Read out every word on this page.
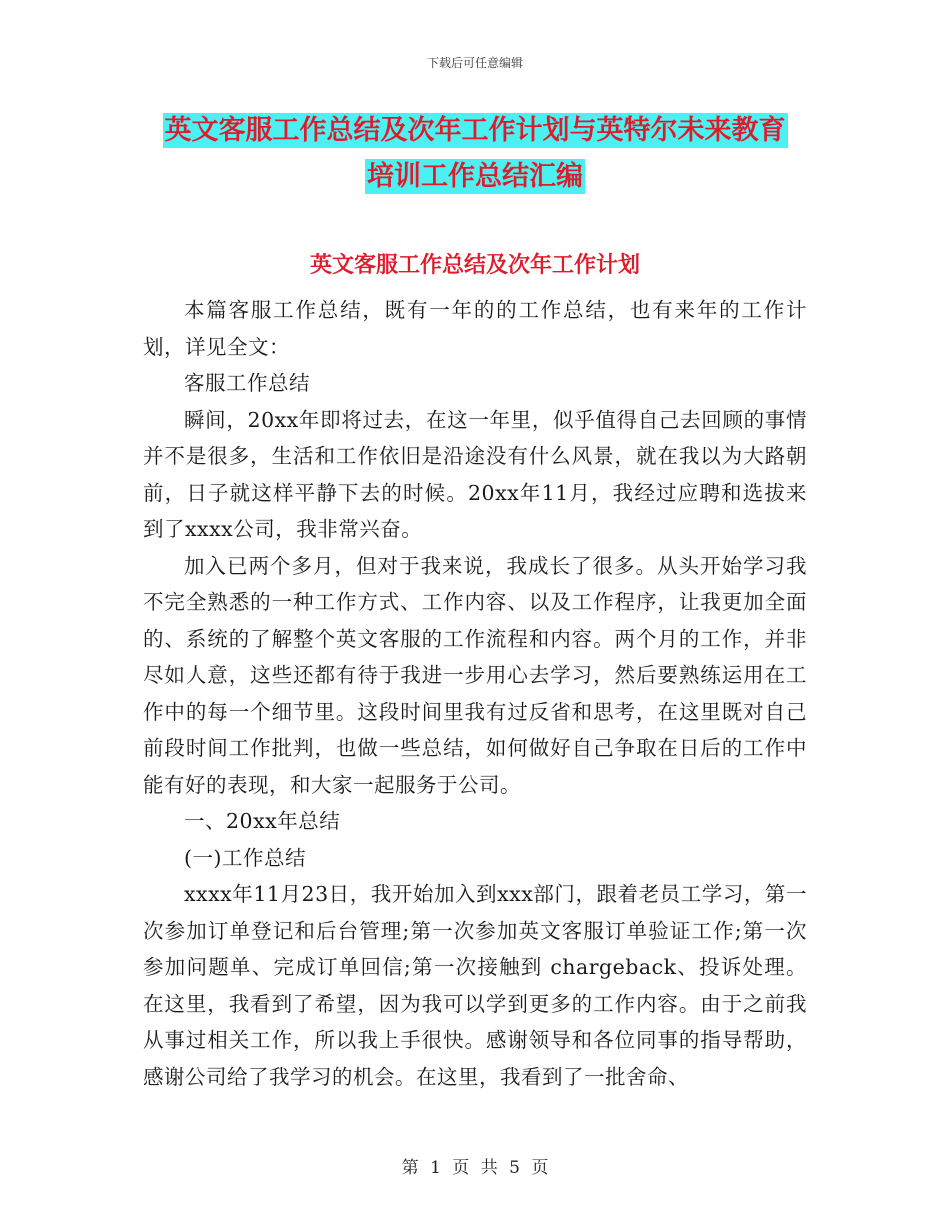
下载后可任意编辑
英文客服工作总结及次年工作计划与英特尔未来教育
培训工作总结汇编
英文客服工作总结及次年工作计划

本篇客服工作总结，既有一年的的工作总结，也有来年的工作计划，详见全文：

客服工作总结

瞬间，20xx年即将过去，在这一年里，似乎值得自己去回顾的事情并不是很多，生活和工作依旧是沿途没有什么风景，就在我以为大路朝前，日子就这样平静下去的时候。20xx年11月，我经过应聘和选拔来到了xxxx公司，我非常兴奋。

加入已两个多月，但对于我来说，我成长了很多。从头开始学习我不完全熟悉的一种工作方式、工作内容、以及工作程序，让我更加全面的、系统的了解整个英文客服的工作流程和内容。两个月的工作，并非尽如人意，这些还都有待于我进一步用心去学习，然后要熟练运用在工作中的每一个细节里。这段时间里我有过反省和思考，在这里既对自己前段时间工作批判，也做一些总结，如何做好自己争取在日后的工作中能有好的表现，和大家一起服务于公司。

一、20xx年总结

(一)工作总结

xxxx年11月23日，我开始加入到xxx部门，跟着老员工学习，第一次参加订单登记和后台管理;第一次参加英文客服订单验证工作;第一次参加问题单、完成订单回信;第一次接触到 chargeback、投诉处理。在这里，我看到了希望，因为我可以学到更多的工作内容。由于之前我从事过相关工作，所以我上手很快。感谢领导和各位同事的指导帮助，感谢公司给了我学习的机会。在这里，我看到了一批舍命、

第 1 页 共 5 页
